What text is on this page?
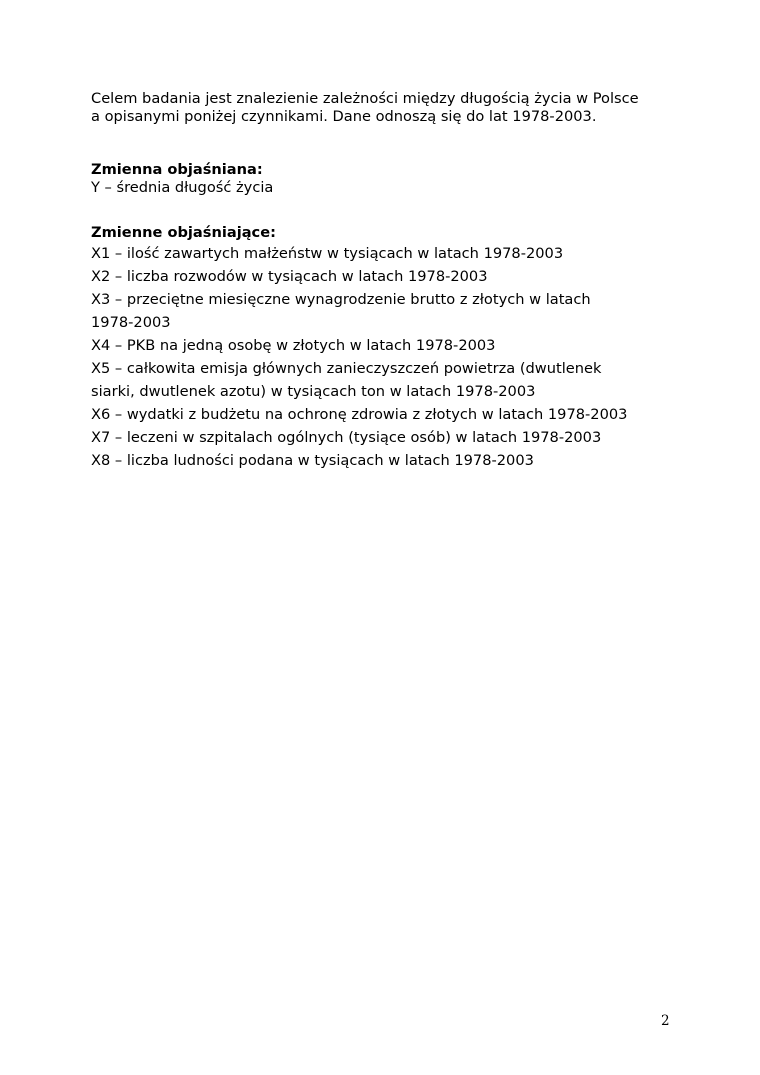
Celem badania jest znalezienie zależności między długością życia w Polsce
a opisanymi poniżej czynnikami. Dane odnoszą się do lat 1978-2003.

Zmienna objaśniana:

Y – średnia długość życia

Zmienne objaśniające:

X1 – ilość zawartych małżeństw w tysiącach w latach 1978-2003
X2 – liczba rozwodów w tysiącach w latach 1978-2003
X3 – przeciętne miesięczne wynagrodzenie brutto z złotych w latach
1978-2003
X4 – PKB na jedną osobę w złotych w latach 1978-2003
X5 – całkowita emisja głównych zanieczyszczeń powietrza (dwutlenek
siarki, dwutlenek azotu) w tysiącach ton w latach 1978-2003
X6 – wydatki z budżetu na ochronę zdrowia z złotych w latach 1978-2003
X7 – leczeni w szpitalach ogólnych (tysiące osób) w latach 1978-2003
X8 – liczba ludności podana w tysiącach w latach 1978-2003
2
